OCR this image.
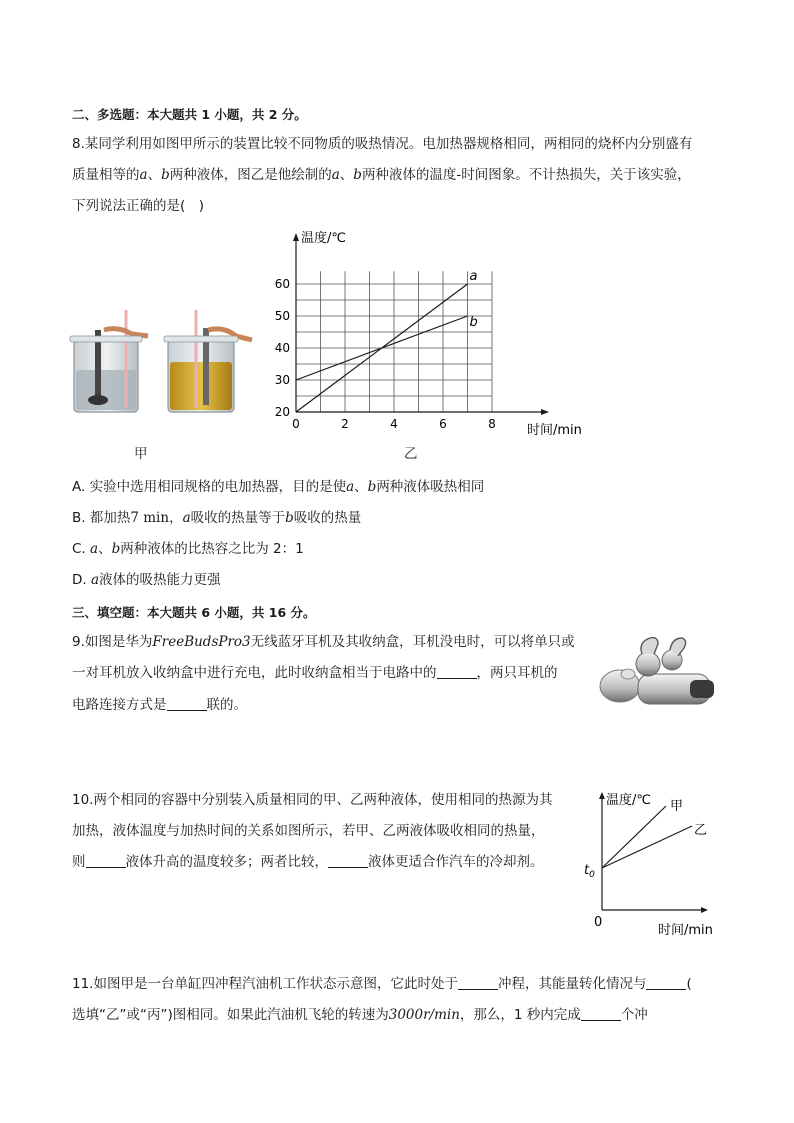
二、多选题：本大题共 1 小题，共 2 分。
8.某同学利用如图甲所示的装置比较不同物质的吸热情况。电加热器规格相同，两相同的烧杯内分别盛有
质量相等的a、b两种液体，图乙是他绘制的a、b两种液体的温度-时间图象。不计热损失，关于该实验，
下列说法正确的是(　)
甲
20
30
40
50
60
0	2	4	6	8
a
b
温度/℃
时间/min
乙
A. 实验中选用相同规格的电加热器，目的是使a、b两种液体吸热相同
B. 都加热7 min，a吸收的热量等于b吸收的热量
C. a、b两种液体的比热容之比为 2：1
D. a液体的吸热能力更强
三、填空题：本大题共 6 小题，共 16 分。
9.如图是华为FreeBudsPro3无线蓝牙耳机及其收纳盒，耳机没电时，可以将单只或
一对耳机放入收纳盒中进行充电，此时收纳盒相当于电路中的	，两只耳机的
电路连接方式是	联的。
10.两个相同的容器中分别装入质量相同的甲、乙两种液体，使用相同的热源为其
加热，液体温度与加热时间的关系如图所示，若甲、乙两液体吸收相同的热量，
则	液体升高的温度较多；两者比较，	液体更适合作汽车的冷却剂。
温度/℃ 甲
乙
$t_0$
0
时间/min
11.如图甲是一台单缸四冲程汽油机工作状态示意图，它此时处于	冲程，其能量转化情况与	(
选填“乙”或“丙”)图相同。如果此汽油机飞轮的转速为3000r/min，那么，1 秒内完成	个冲
